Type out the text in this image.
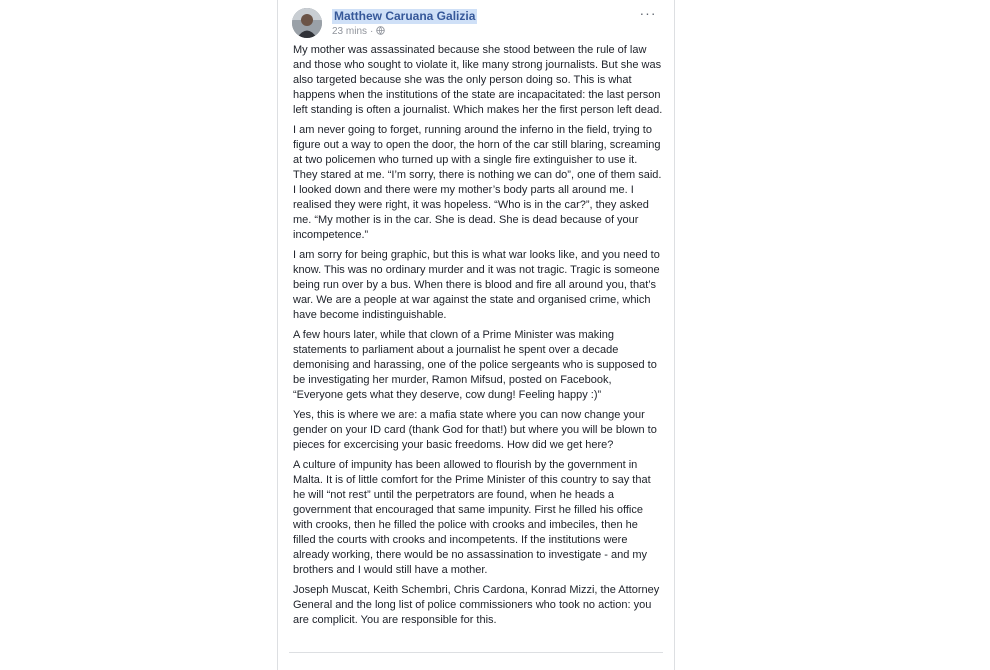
Matthew Caruana Galizia
23 mins ·
···

My mother was assassinated because she stood between the rule of law and those who sought to violate it, like many strong journalists. But she was also targeted because she was the only person doing so. This is what happens when the institutions of the state are incapacitated: the last person left standing is often a journalist. Which makes her the first person left dead.

I am never going to forget, running around the inferno in the field, trying to figure out a way to open the door, the horn of the car still blaring, screaming at two policemen who turned up with a single fire extinguisher to use it. They stared at me. “I’m sorry, there is nothing we can do”, one of them said. I looked down and there were my mother’s body parts all around me. I realised they were right, it was hopeless. “Who is in the car?”, they asked me. “My mother is in the car. She is dead. She is dead because of your incompetence.”

I am sorry for being graphic, but this is what war looks like, and you need to know. This was no ordinary murder and it was not tragic. Tragic is someone being run over by a bus. When there is blood and fire all around you, that’s war. We are a people at war against the state and organised crime, which have become indistinguishable.

A few hours later, while that clown of a Prime Minister was making statements to parliament about a journalist he spent over a decade demonising and harassing, one of the police sergeants who is supposed to be investigating her murder, Ramon Mifsud, posted on Facebook, “Everyone gets what they deserve, cow dung! Feeling happy :)”

Yes, this is where we are: a mafia state where you can now change your gender on your ID card (thank God for that!) but where you will be blown to pieces for excercising your basic freedoms. How did we get here?

A culture of impunity has been allowed to flourish by the government in Malta. It is of little comfort for the Prime Minister of this country to say that he will “not rest” until the perpetrators are found, when he heads a government that encouraged that same impunity. First he filled his office with crooks, then he filled the police with crooks and imbeciles, then he filled the courts with crooks and incompetents. If the institutions were already working, there would be no assassination to investigate - and my brothers and I would still have a mother.

Joseph Muscat, Keith Schembri, Chris Cardona, Konrad Mizzi, the Attorney General and the long list of police commissioners who took no action: you are complicit. You are responsible for this.
